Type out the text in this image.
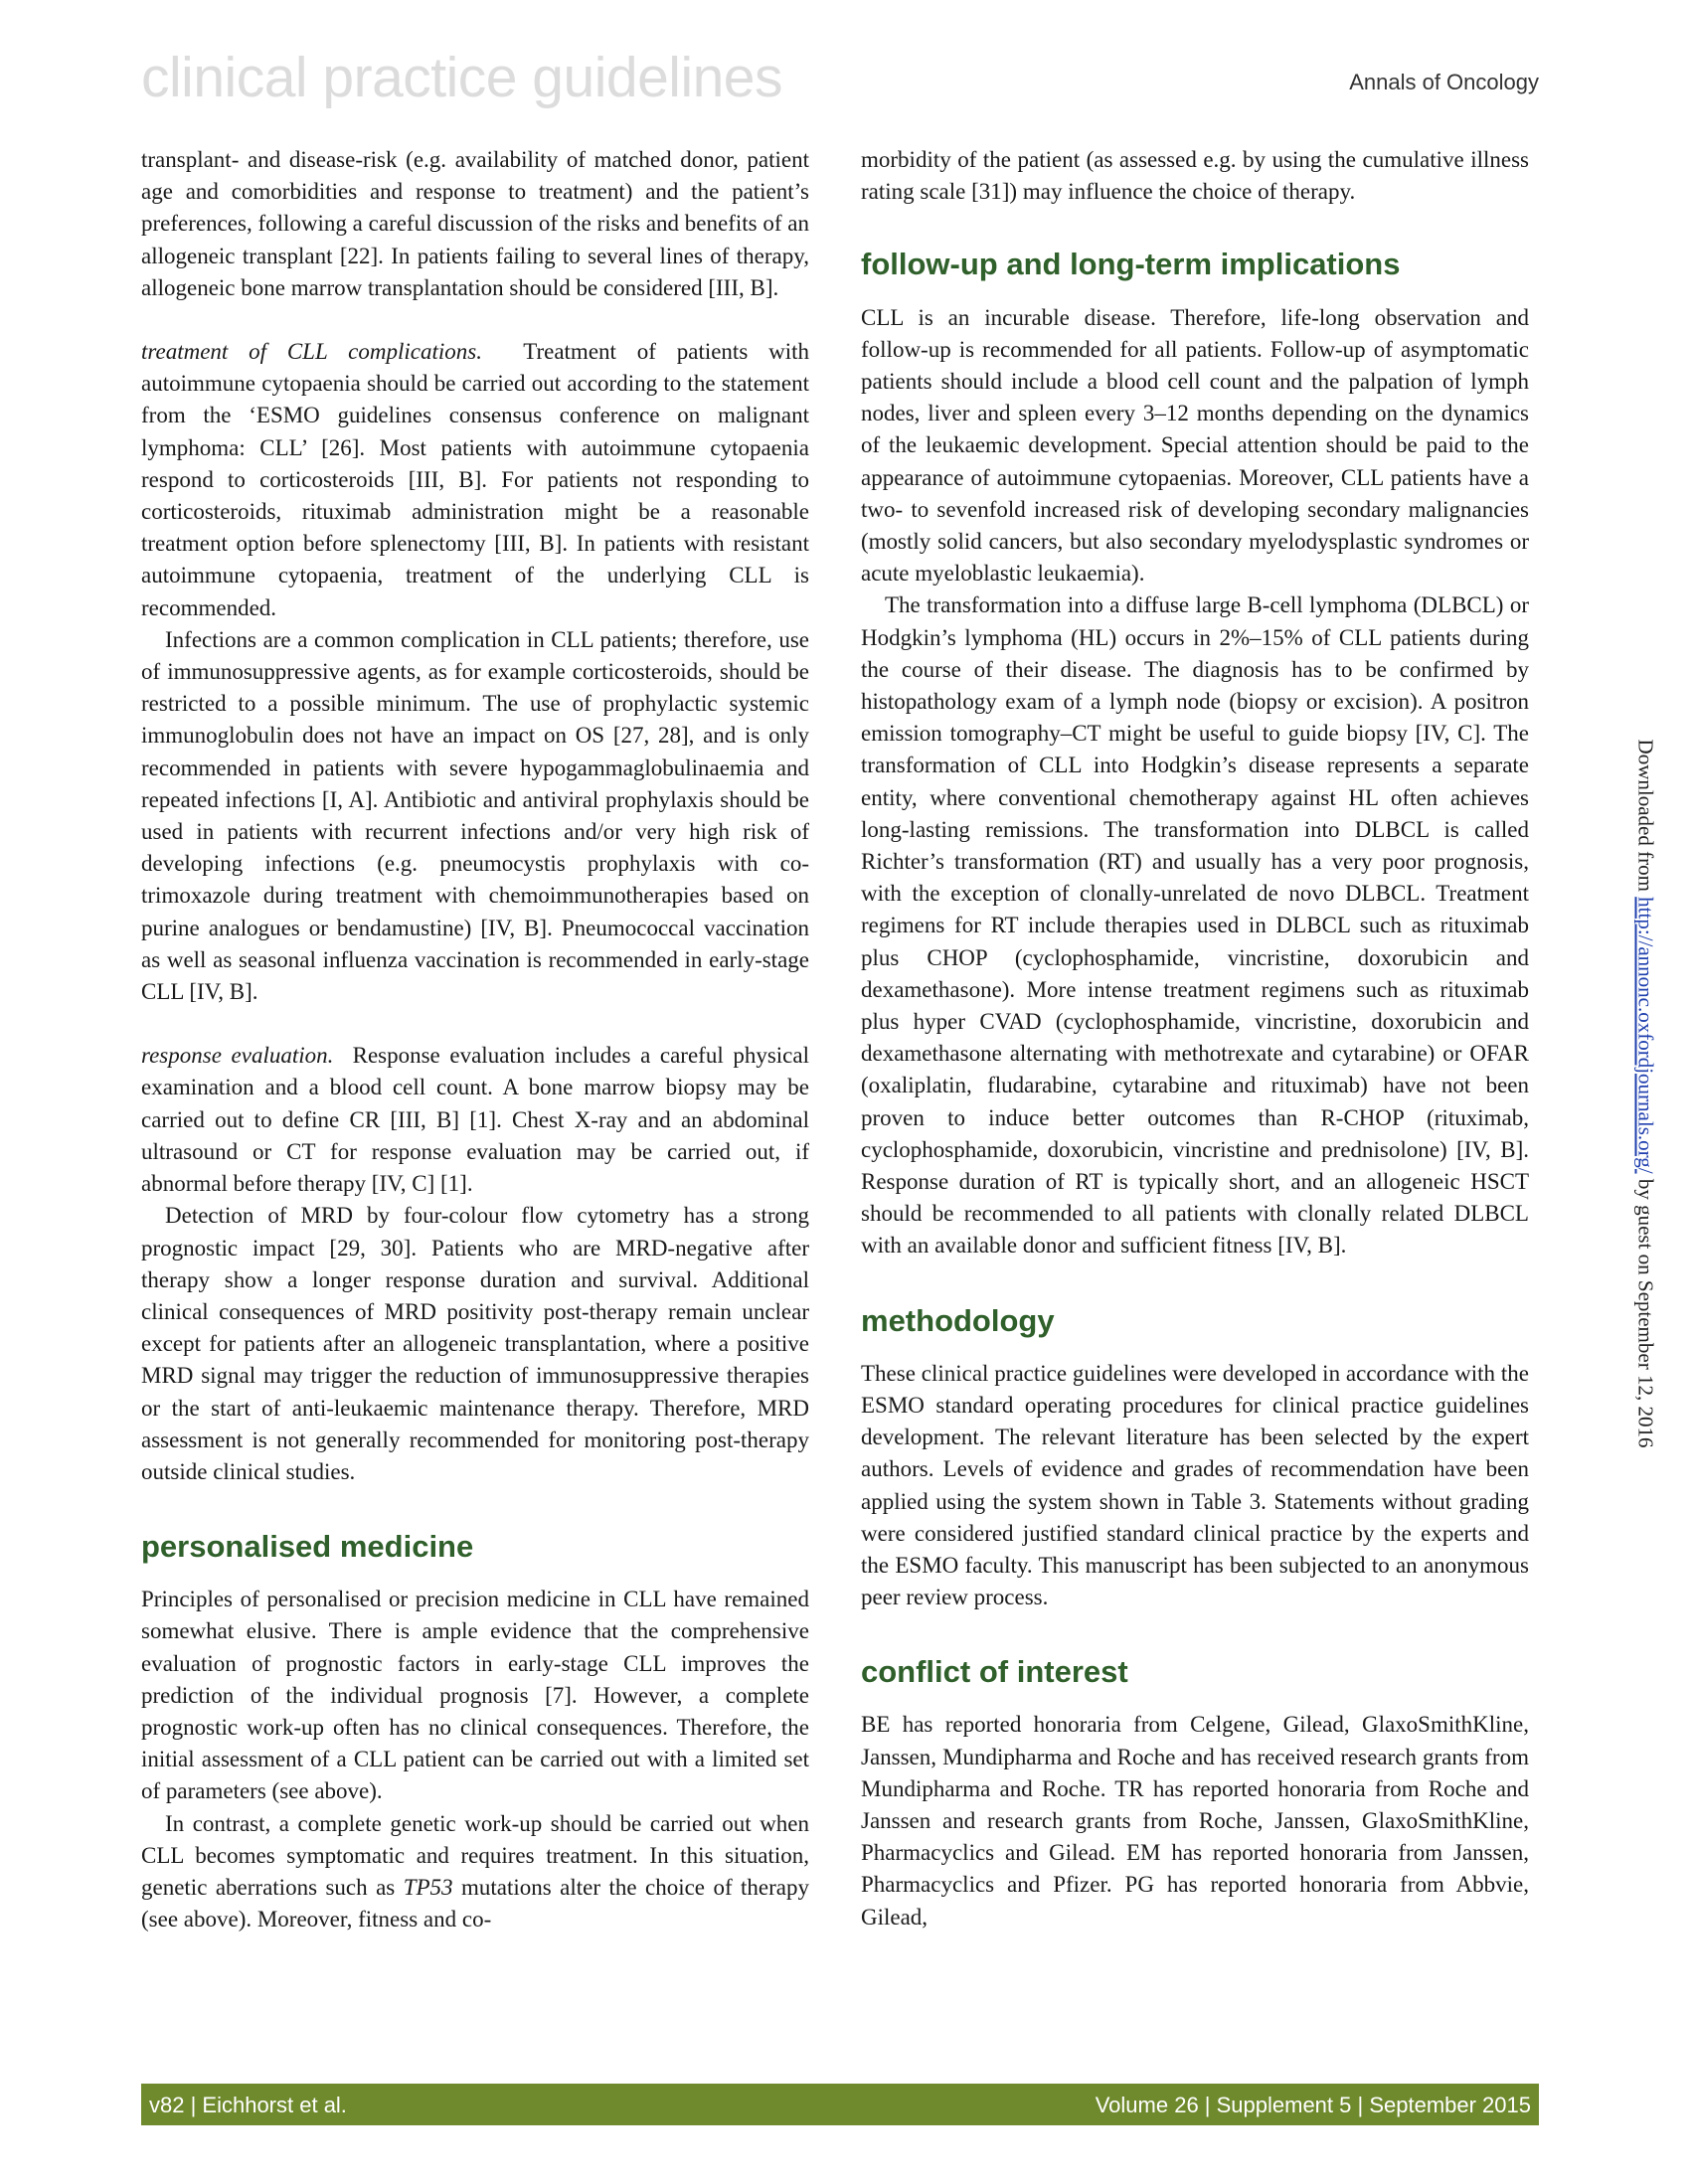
clinical practice guidelines	Annals of Oncology

transplant- and disease-risk (e.g. availability of matched donor, patient age and comorbidities and response to treatment) and the patient’s preferences, following a careful discussion of the risks and benefits of an allogeneic transplant [22]. In patients failing to several lines of therapy, allogeneic bone marrow transplantation should be considered [III, B].

treatment of CLL complications. Treatment of patients with autoimmune cytopaenia should be carried out according to the statement from the ‘ESMO guidelines consensus conference on malignant lymphoma: CLL’ [26]. Most patients with autoimmune cytopaenia respond to corticosteroids [III, B]. For patients not responding to corticosteroids, rituximab administration might be a reasonable treatment option before splenectomy [III, B]. In patients with resistant autoimmune cytopaenia, treatment of the underlying CLL is recommended.

Infections are a common complication in CLL patients; therefore, use of immunosuppressive agents, as for example corticosteroids, should be restricted to a possible minimum. The use of prophylactic systemic immunoglobulin does not have an impact on OS [27, 28], and is only recommended in patients with severe hypogammaglobulinaemia and repeated infections [I, A]. Antibiotic and antiviral prophylaxis should be used in patients with recurrent infections and/or very high risk of developing infections (e.g. pneumocystis prophylaxis with co-trimoxazole during treatment with chemoimmunotherapies based on purine analogues or bendamustine) [IV, B]. Pneumococcal vaccination as well as seasonal influenza vaccination is recommended in early-stage CLL [IV, B].

response evaluation. Response evaluation includes a careful physical examination and a blood cell count. A bone marrow biopsy may be carried out to define CR [III, B] [1]. Chest X-ray and an abdominal ultrasound or CT for response evaluation may be carried out, if abnormal before therapy [IV, C] [1].

Detection of MRD by four-colour flow cytometry has a strong prognostic impact [29, 30]. Patients who are MRD-negative after therapy show a longer response duration and survival. Additional clinical consequences of MRD positivity post-therapy remain unclear except for patients after an allogeneic transplantation, where a positive MRD signal may trigger the reduction of immunosuppressive therapies or the start of anti-leukaemic maintenance therapy. Therefore, MRD assessment is not generally recommended for monitoring post-therapy outside clinical studies.

personalised medicine

Principles of personalised or precision medicine in CLL have remained somewhat elusive. There is ample evidence that the comprehensive evaluation of prognostic factors in early-stage CLL improves the prediction of the individual prognosis [7]. However, a complete prognostic work-up often has no clinical consequences. Therefore, the initial assessment of a CLL patient can be carried out with a limited set of parameters (see above).

In contrast, a complete genetic work-up should be carried out when CLL becomes symptomatic and requires treatment. In this situation, genetic aberrations such as TP53 mutations alter the choice of therapy (see above). Moreover, fitness and co-

morbidity of the patient (as assessed e.g. by using the cumulative illness rating scale [31]) may influence the choice of therapy.

follow-up and long-term implications

CLL is an incurable disease. Therefore, life-long observation and follow-up is recommended for all patients. Follow-up of asymptomatic patients should include a blood cell count and the palpation of lymph nodes, liver and spleen every 3–12 months depending on the dynamics of the leukaemic development. Special attention should be paid to the appearance of autoimmune cytopaenias. Moreover, CLL patients have a two- to sevenfold increased risk of developing secondary malignancies (mostly solid cancers, but also secondary myelodysplastic syndromes or acute myeloblastic leukaemia).

The transformation into a diffuse large B-cell lymphoma (DLBCL) or Hodgkin’s lymphoma (HL) occurs in 2%–15% of CLL patients during the course of their disease. The diagnosis has to be confirmed by histopathology exam of a lymph node (biopsy or excision). A positron emission tomography–CT might be useful to guide biopsy [IV, C]. The transformation of CLL into Hodgkin’s disease represents a separate entity, where conventional chemotherapy against HL often achieves long-lasting remissions. The transformation into DLBCL is called Richter’s transformation (RT) and usually has a very poor prognosis, with the exception of clonally-unrelated de novo DLBCL. Treatment regimens for RT include therapies used in DLBCL such as rituximab plus CHOP (cyclophosphamide, vincristine, doxorubicin and dexamethasone). More intense treatment regimens such as rituximab plus hyper CVAD (cyclophosphamide, vincristine, doxorubicin and dexamethasone alternating with methotrexate and cytarabine) or OFAR (oxaliplatin, fludarabine, cytarabine and rituximab) have not been proven to induce better outcomes than R-CHOP (rituximab, cyclophosphamide, doxorubicin, vincristine and prednisolone) [IV, B]. Response duration of RT is typically short, and an allogeneic HSCT should be recommended to all patients with clonally related DLBCL with an available donor and sufficient fitness [IV, B].

methodology

These clinical practice guidelines were developed in accordance with the ESMO standard operating procedures for clinical practice guidelines development. The relevant literature has been selected by the expert authors. Levels of evidence and grades of recommendation have been applied using the system shown in Table 3. Statements without grading were considered justified standard clinical practice by the experts and the ESMO faculty. This manuscript has been subjected to an anonymous peer review process.

conflict of interest

BE has reported honoraria from Celgene, Gilead, GlaxoSmithKline, Janssen, Mundipharma and Roche and has received research grants from Mundipharma and Roche. TR has reported honoraria from Roche and Janssen and research grants from Roche, Janssen, GlaxoSmithKline, Pharmacyclics and Gilead. EM has reported honoraria from Janssen, Pharmacyclics and Pfizer. PG has reported honoraria from Abbvie, Gilead,

Downloaded from http://annonc.oxfordjournals.org/ by guest on September 12, 2016
v82 | Eichhorst et al.	Volume 26 | Supplement 5 | September 2015
